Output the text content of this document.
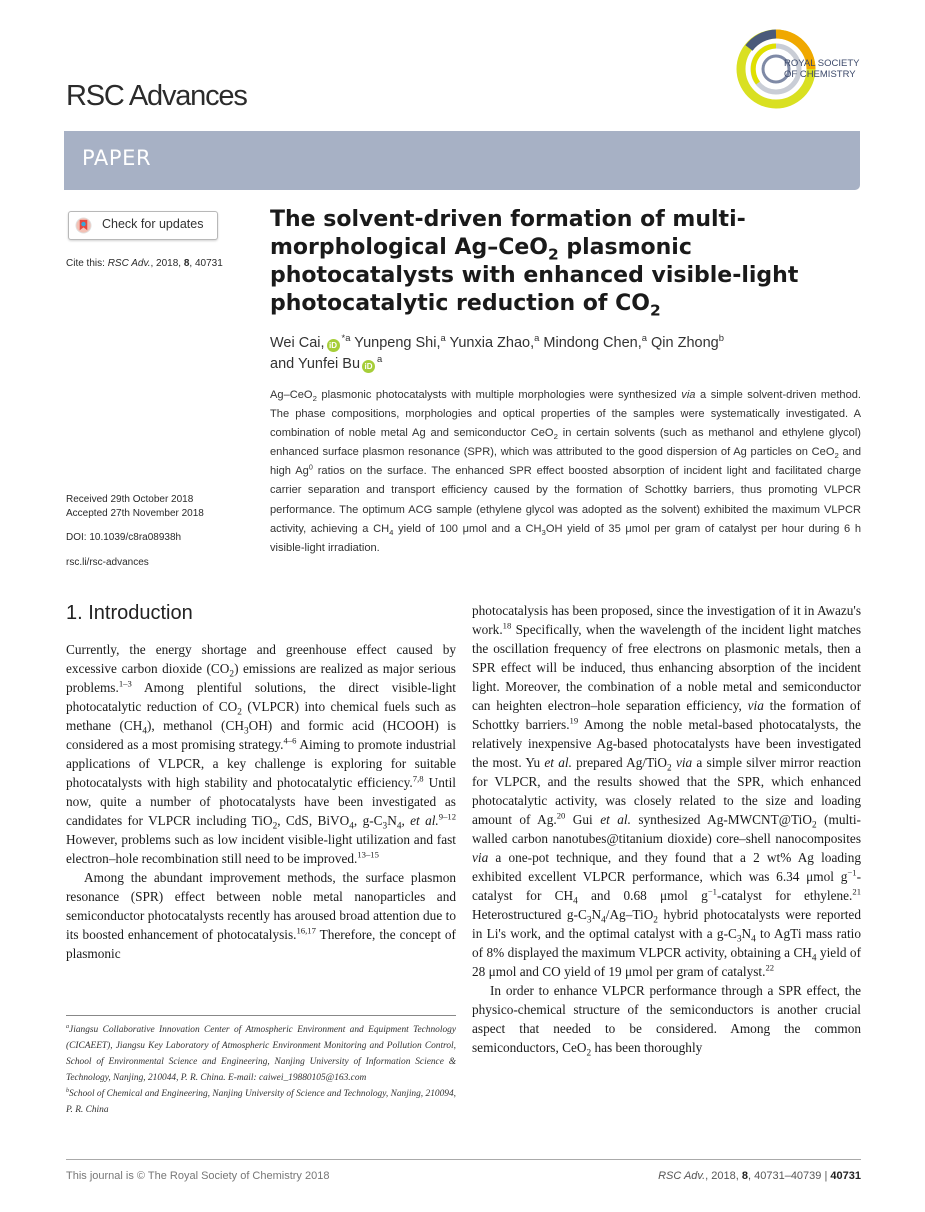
RSC Advances
ROYAL SOCIETY
OF CHEMISTRY
PAPER
Check for updates
Cite this: RSC Adv., 2018, 8, 40731
Received 29th October 2018
Accepted 27th November 2018
DOI: 10.1039/c8ra08938h
rsc.li/rsc-advances
The solvent-driven formation of multi-morphological Ag–CeO$_2$ plasmonic photocatalysts with enhanced visible-light photocatalytic reduction of $CO_2$
Wei Cai, $iD^{*a}$ Yunpeng Shi,$^a$ Yunxia Zhao,$^a$ Mindong Chen,$^a$ Qin Zhong$^b$
and Yunfei Bu $iD^a$
Ag–CeO$_2$ plasmonic photocatalysts with multiple morphologies were synthesized via a simple solvent-driven method. The phase compositions, morphologies and optical properties of the samples were systematically investigated. A combination of noble metal Ag and semiconductor CeO$_2$ in certain solvents (such as methanol and ethylene glycol) enhanced surface plasmon resonance (SPR), which was attributed to the good dispersion of Ag particles on CeO$_2$ and high Ag$^0$ ratios on the surface. The enhanced SPR effect boosted absorption of incident light and facilitated charge carrier separation and transport efficiency caused by the formation of Schottky barriers, thus promoting VLPCR performance. The optimum ACG sample (ethylene glycol was adopted as the solvent) exhibited the maximum VLPCR activity, achieving a $CH_4$ yield of 100 μmol and a $CH_3OH$ yield of 35 μmol per gram of catalyst per hour during 6 h visible-light irradiation.
1. Introduction

Currently, the energy shortage and greenhouse effect caused by excessive carbon dioxide $(CO_2)$ emissions are realized as major serious problems.$^{1-3}$ Among plentiful solutions, the direct visible-light photocatalytic reduction of $CO_2$ (VLPCR) into chemical fuels such as methane $(CH_4)$, methanol $(CH_3OH)$ and formic acid (HCOOH) is considered as a most promising strategy.$^{4-6}$ Aiming to promote industrial applications of VLPCR, a key challenge is exploring for suitable photocatalysts with high stability and photocatalytic efficiency.$^{7,8}$ Until now, quite a number of photocatalysts have been investigated as candidates for VLPCR including TiO$_2$, CdS, BiVO$_4$, $g-C_3N_4$, et al.$^{9-12}$ However, problems such as low incident visible-light utilization and fast electron–hole recombination still need to be improved.$^{13-15}$

Among the abundant improvement methods, the surface plasmon resonance (SPR) effect between noble metal nanoparticles and semiconductor photocatalysts recently has aroused broad attention due to its boosted enhancement of photocatalysis.$^{16,17}$ Therefore, the concept of plasmonic

photocatalysis has been proposed, since the investigation of it in Awazu's work.$^{18}$ Specifically, when the wavelength of the incident light matches the oscillation frequency of free electrons on plasmonic metals, then a SPR effect will be induced, thus enhancing absorption of the incident light. Moreover, the combination of a noble metal and semiconductor can heighten electron–hole separation efficiency, via the formation of Schottky barriers.$^{19}$ Among the noble metal-based photocatalysts, the relatively inexpensive Ag-based photocatalysts have been investigated the most. Yu et al. prepared Ag/TiO$_2$ via a simple silver mirror reaction for VLPCR, and the results showed that the SPR, which enhanced photocatalytic activity, was closely related to the size and loading amount of Ag.$^{20}$ Gui et al. synthesized Ag-MWCNT@TiO$_2$ (multi-walled carbon nanotubes@titanium dioxide) core–shell nanocomposites via a one-pot technique, and they found that a 2 wt% Ag loading exhibited excellent VLPCR performance, which was 6.34 μmol $g^{-1}$-catalyst for $CH_4$ and 0.68 μmol $g^{-1}$-catalyst for ethylene.$^{21}$ Heterostructured $g-C_3N_4/Ag-TiO_2$ hybrid photocatalysts were reported in Li's work, and the optimal catalyst with a $g-C_3N_4$ to AgTi mass ratio of 8% displayed the maximum VLPCR activity, obtaining a $CH_4$ yield of 28 μmol and CO yield of 19 μmol per gram of catalyst.$^{22}$

In order to enhance VLPCR performance through a SPR effect, the physico-chemical structure of the semiconductors is another crucial aspect that needed to be considered. Among the common semiconductors, CeO$_2$ has been thoroughly

$^a$Jiangsu Collaborative Innovation Center of Atmospheric Environment and Equipment Technology (CICAEET), Jiangsu Key Laboratory of Atmospheric Environment Monitoring and Pollution Control, School of Environmental Science and Engineering, Nanjing University of Information Science & Technology, Nanjing, 210044, P. R. China. E-mail: caiwei_19880105@163.com

$^b$School of Chemical and Engineering, Nanjing University of Science and Technology, Nanjing, 210094, P. R. China

This journal is © The Royal Society of Chemistry 2018	RSC Adv., 2018, 8, 40731–40739 | 40731
